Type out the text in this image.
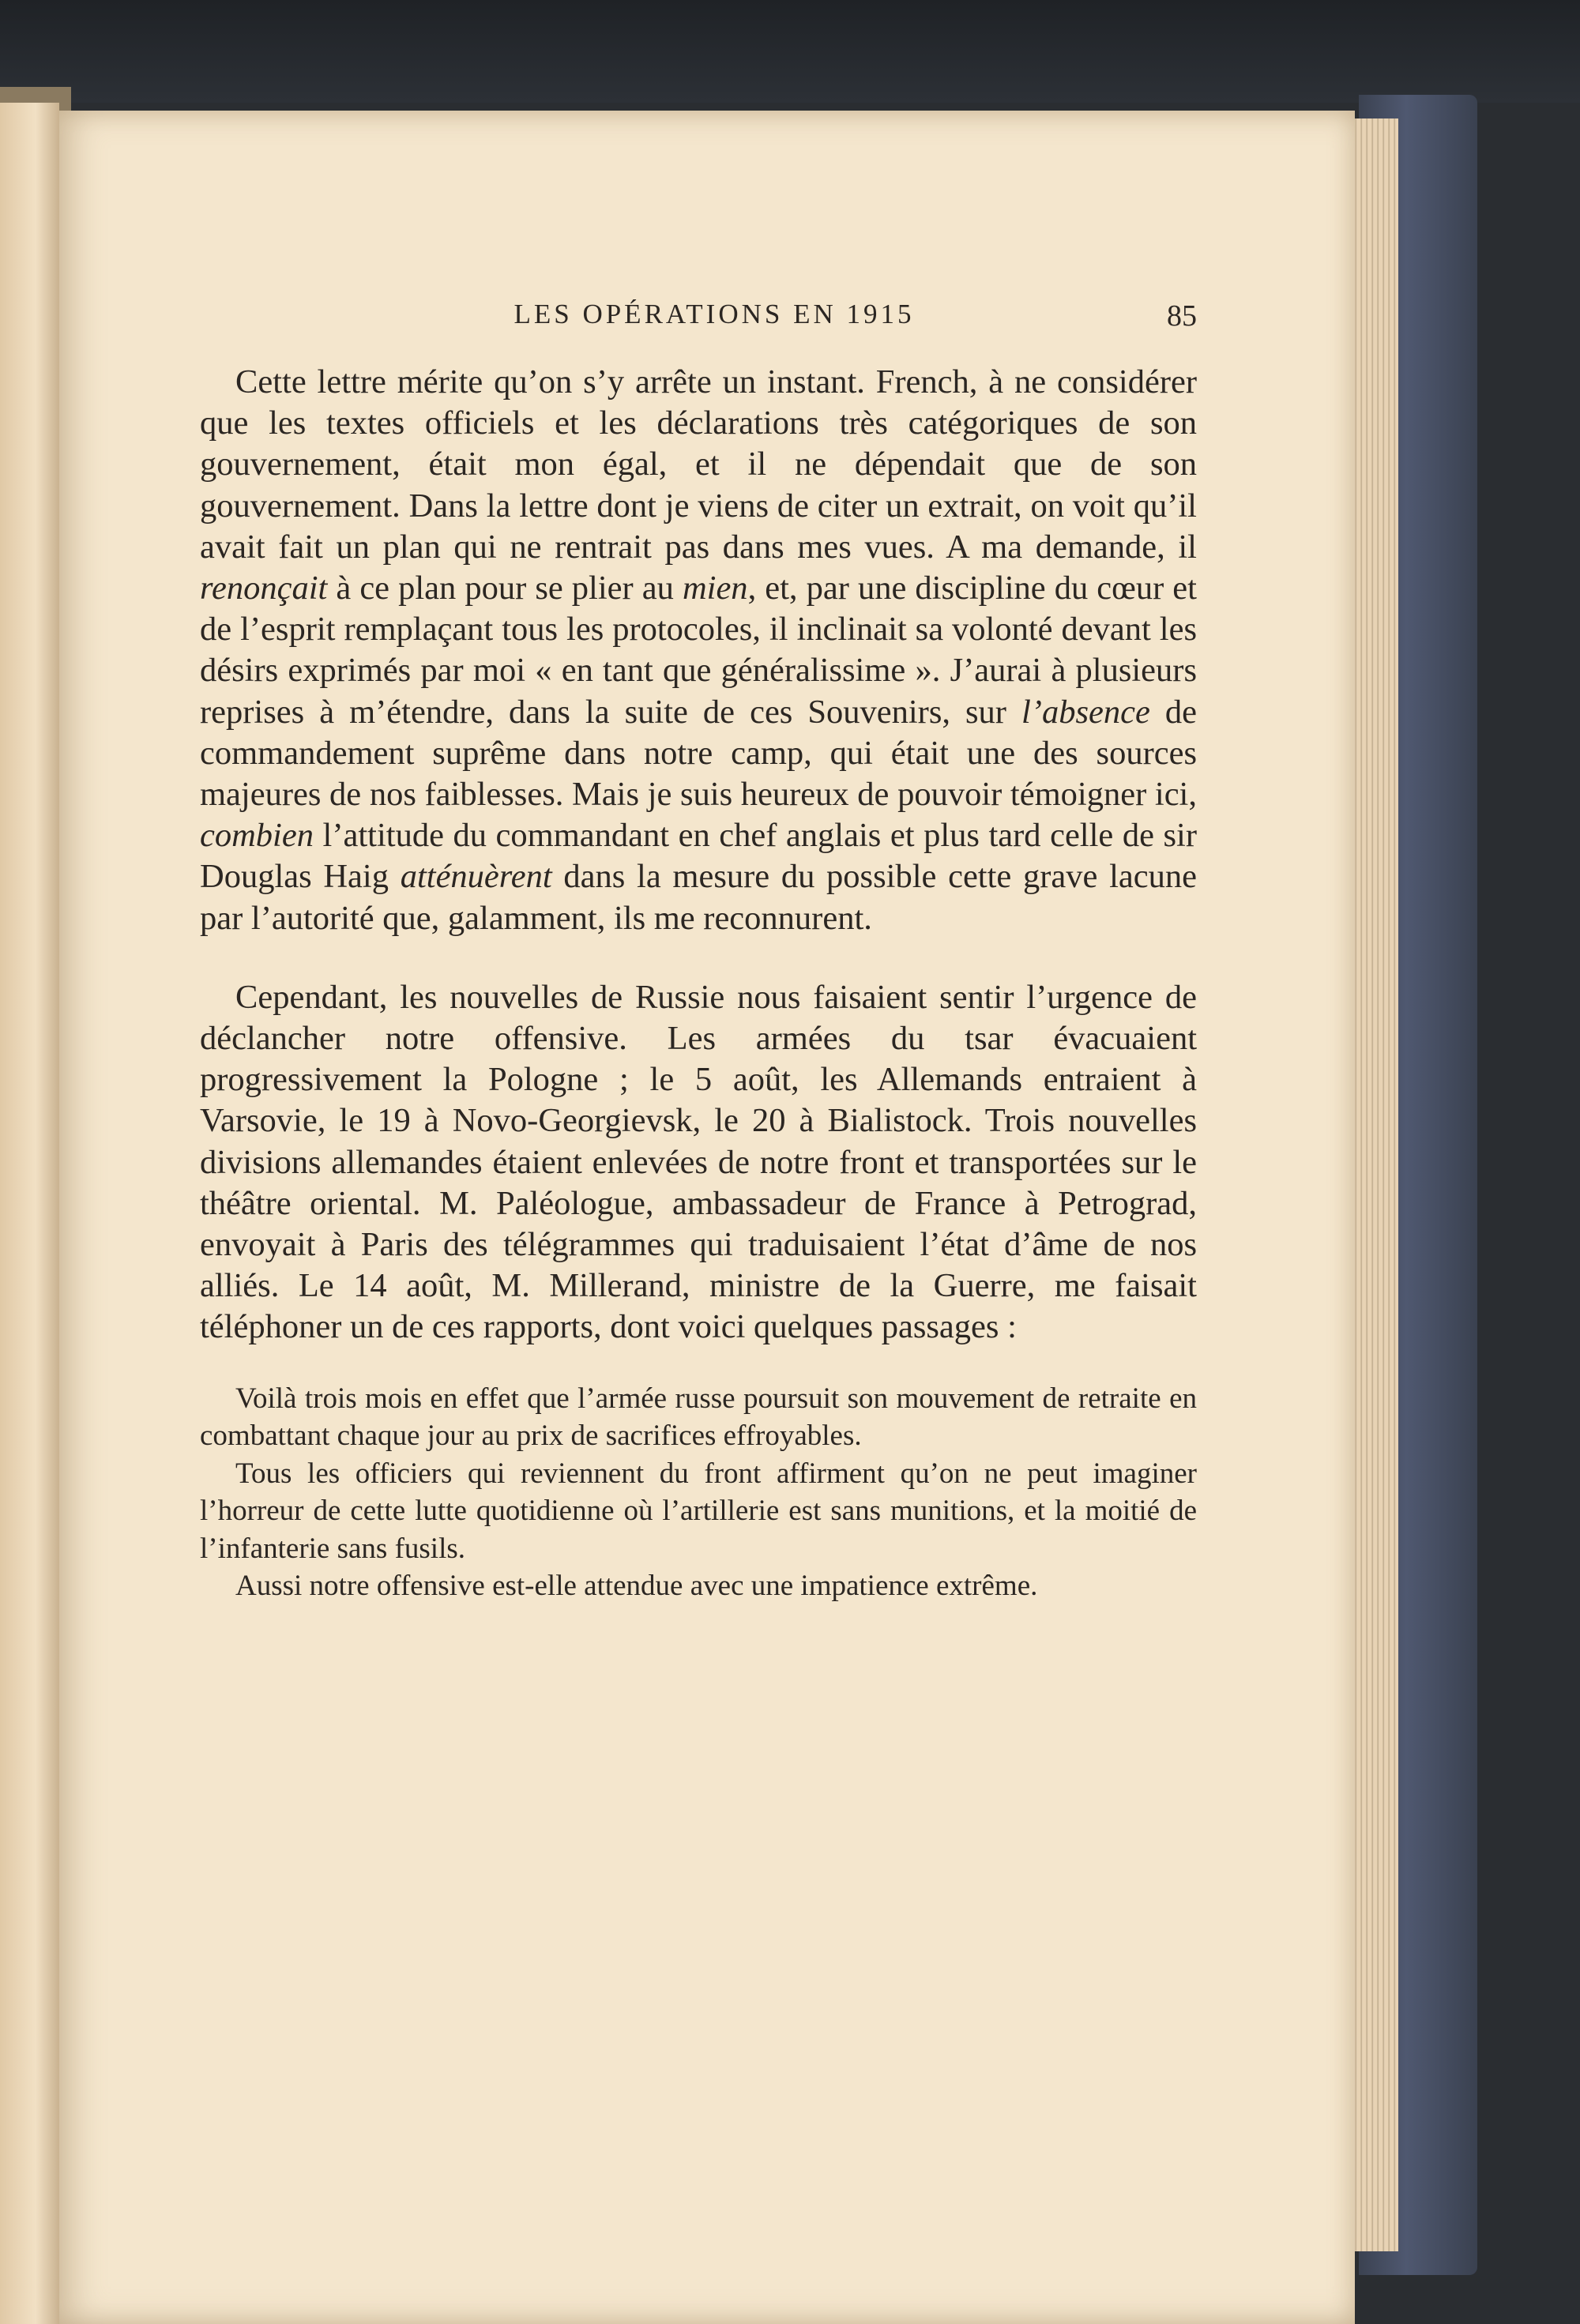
LES OPÉRATIONS EN 1915	85

Cette lettre mérite qu’on s’y arrête un instant. French, à ne considérer que les textes officiels et les déclarations très catégoriques de son gouvernement, était mon égal, et il ne dépendait que de son gouvernement. Dans la lettre dont je viens de citer un extrait, on voit qu’il avait fait un plan qui ne rentrait pas dans mes vues. A ma demande, il renonçait à ce plan pour se plier au mien, et, par une discipline du cœur et de l’esprit remplaçant tous les protocoles, il inclinait sa volonté devant les désirs exprimés par moi « en tant que généralissime ». J’aurai à plusieurs reprises à m’étendre, dans la suite de ces Souvenirs, sur l’absence de commandement suprême dans notre camp, qui était une des sources majeures de nos faiblesses. Mais je suis heureux de pouvoir témoigner ici, combien l’attitude du commandant en chef anglais et plus tard celle de sir Douglas Haig atténuèrent dans la mesure du possible cette grave lacune par l’autorité que, galamment, ils me reconnurent.

Cependant, les nouvelles de Russie nous faisaient sentir l’urgence de déclancher notre offensive. Les armées du tsar évacuaient progressivement la Pologne ; le 5 août, les Allemands entraient à Varsovie, le 19 à Novo-Georgievsk, le 20 à Bialistock. Trois nouvelles divisions allemandes étaient enlevées de notre front et transportées sur le théâtre oriental. M. Paléologue, ambassadeur de France à Petrograd, envoyait à Paris des télégrammes qui traduisaient l’état d’âme de nos alliés. Le 14 août, M. Millerand, ministre de la Guerre, me faisait téléphoner un de ces rapports, dont voici quelques passages :

Voilà trois mois en effet que l’armée russe poursuit son mouvement de retraite en combattant chaque jour au prix de sacrifices effroyables.

Tous les officiers qui reviennent du front affirment qu’on ne peut imaginer l’horreur de cette lutte quotidienne où l’artillerie est sans munitions, et la moitié de l’infanterie sans fusils.

Aussi notre offensive est-elle attendue avec une impatience extrême.
